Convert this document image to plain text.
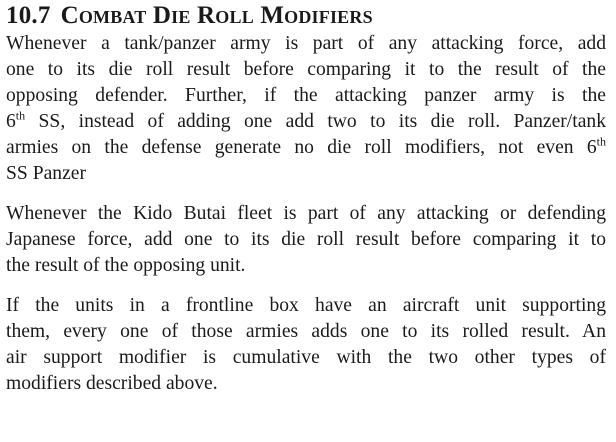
10.7 Combat Die Roll Modifiers

Whenever a tank/panzer army is part of any attacking force, add
one to its die roll result before comparing it to the result of the
opposing defender. Further, if the attacking panzer army is the
6th SS, instead of adding one add two to its die roll. Panzer/tank
armies on the defense generate no die roll modifiers, not even 6th
SS Panzer

Whenever the Kido Butai fleet is part of any attacking or defending
Japanese force, add one to its die roll result before comparing it to
the result of the opposing unit.

If the units in a frontline box have an aircraft unit supporting
them, every one of those armies adds one to its rolled result. An
air support modifier is cumulative with the two other types of
modifiers described above.
